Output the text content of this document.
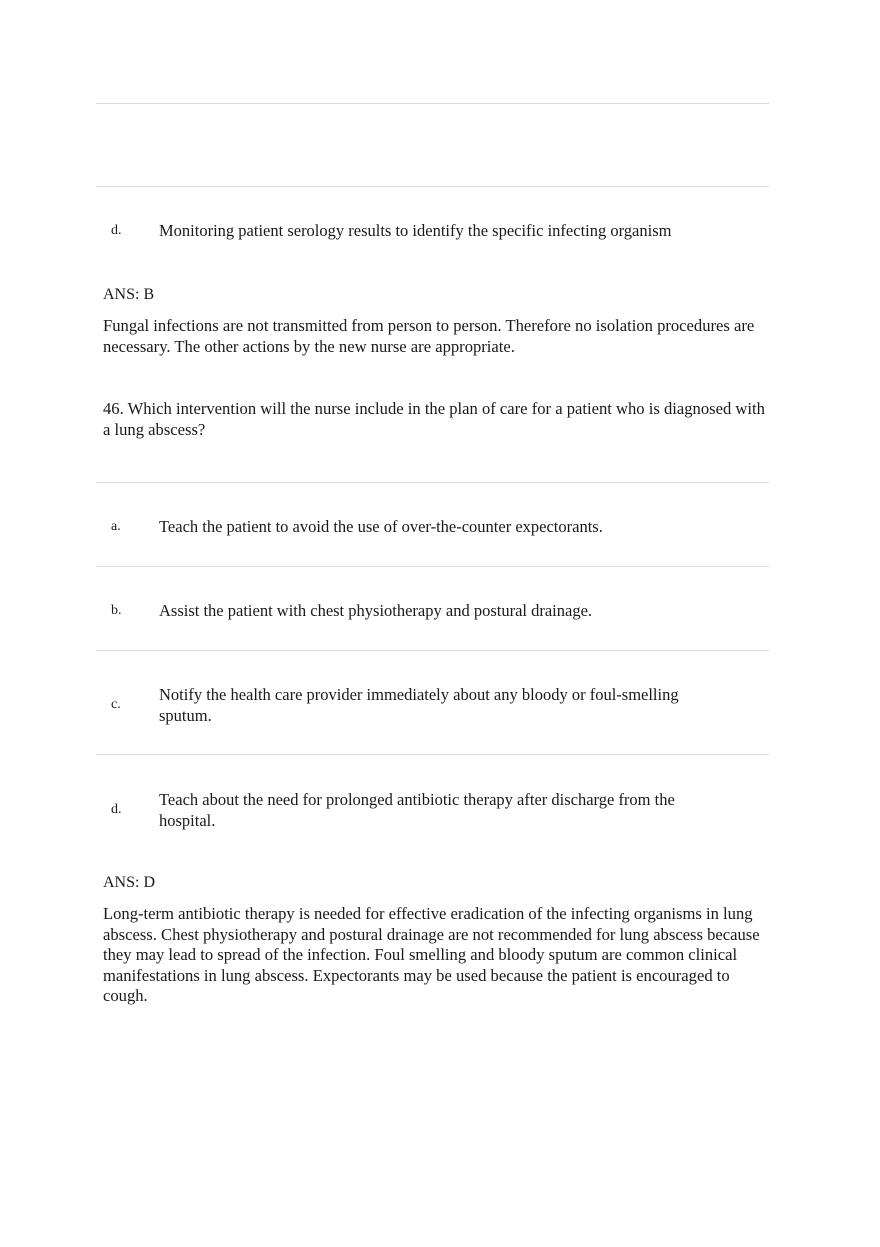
d. Monitoring patient serology results to identify the specific infecting organism
ANS: B
Fungal infections are not transmitted from person to person. Therefore no isolation procedures are necessary. The other actions by the new nurse are appropriate.
46. Which intervention will the nurse include in the plan of care for a patient who is diagnosed with a lung abscess?
a. Teach the patient to avoid the use of over-the-counter expectorants.
b. Assist the patient with chest physiotherapy and postural drainage.
c.
Notify the health care provider immediately about any bloody or foul-smelling sputum.
d.
Teach about the need for prolonged antibiotic therapy after discharge from the hospital.
ANS: D
Long-term antibiotic therapy is needed for effective eradication of the infecting organisms in lung abscess. Chest physiotherapy and postural drainage are not recommended for lung abscess because they may lead to spread of the infection. Foul smelling and bloody sputum are common clinical manifestations in lung abscess. Expectorants may be used because the patient is encouraged to cough.
